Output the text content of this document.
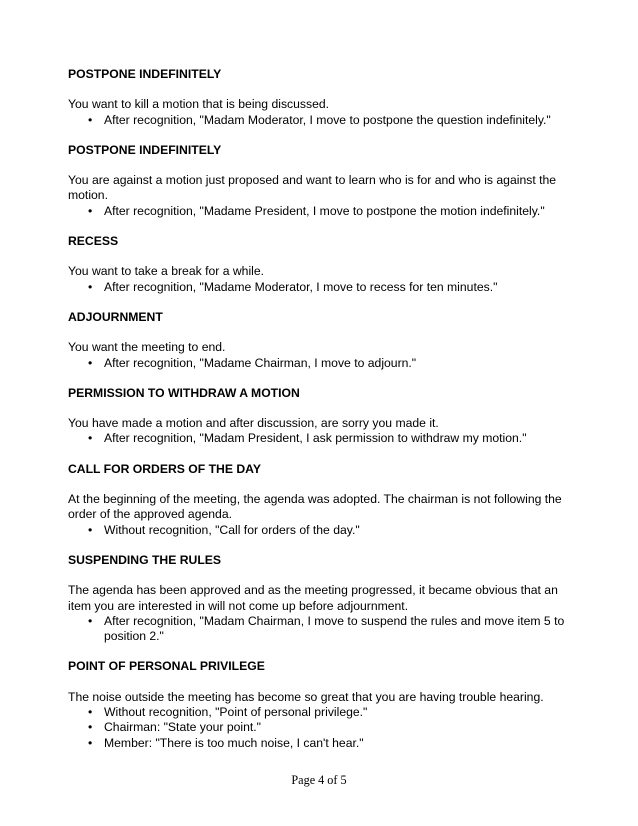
POSTPONE INDEFINITELY

You want to kill a motion that is being discussed.

• After recognition, "Madam Moderator, I move to postpone the question indefinitely."

POSTPONE INDEFINITELY

You are against a motion just proposed and want to learn who is for and who is against the motion.

• After recognition, "Madame President, I move to postpone the motion indefinitely."

RECESS

You want to take a break for a while.

• After recognition, "Madame Moderator, I move to recess for ten minutes."

ADJOURNMENT

You want the meeting to end.

• After recognition, "Madame Chairman, I move to adjourn."

PERMISSION TO WITHDRAW A MOTION

You have made a motion and after discussion, are sorry you made it.

• After recognition, "Madam President, I ask permission to withdraw my motion."

CALL FOR ORDERS OF THE DAY

At the beginning of the meeting, the agenda was adopted. The chairman is not following the order of the approved agenda.

• Without recognition, "Call for orders of the day."

SUSPENDING THE RULES

The agenda has been approved and as the meeting progressed, it became obvious that an item you are interested in will not come up before adjournment.

• After recognition, "Madam Chairman, I move to suspend the rules and move item 5 to position 2."

POINT OF PERSONAL PRIVILEGE

The noise outside the meeting has become so great that you are having trouble hearing.

• Without recognition, "Point of personal privilege."
• Chairman: "State your point."
• Member: "There is too much noise, I can't hear."
Page 4 of 5
